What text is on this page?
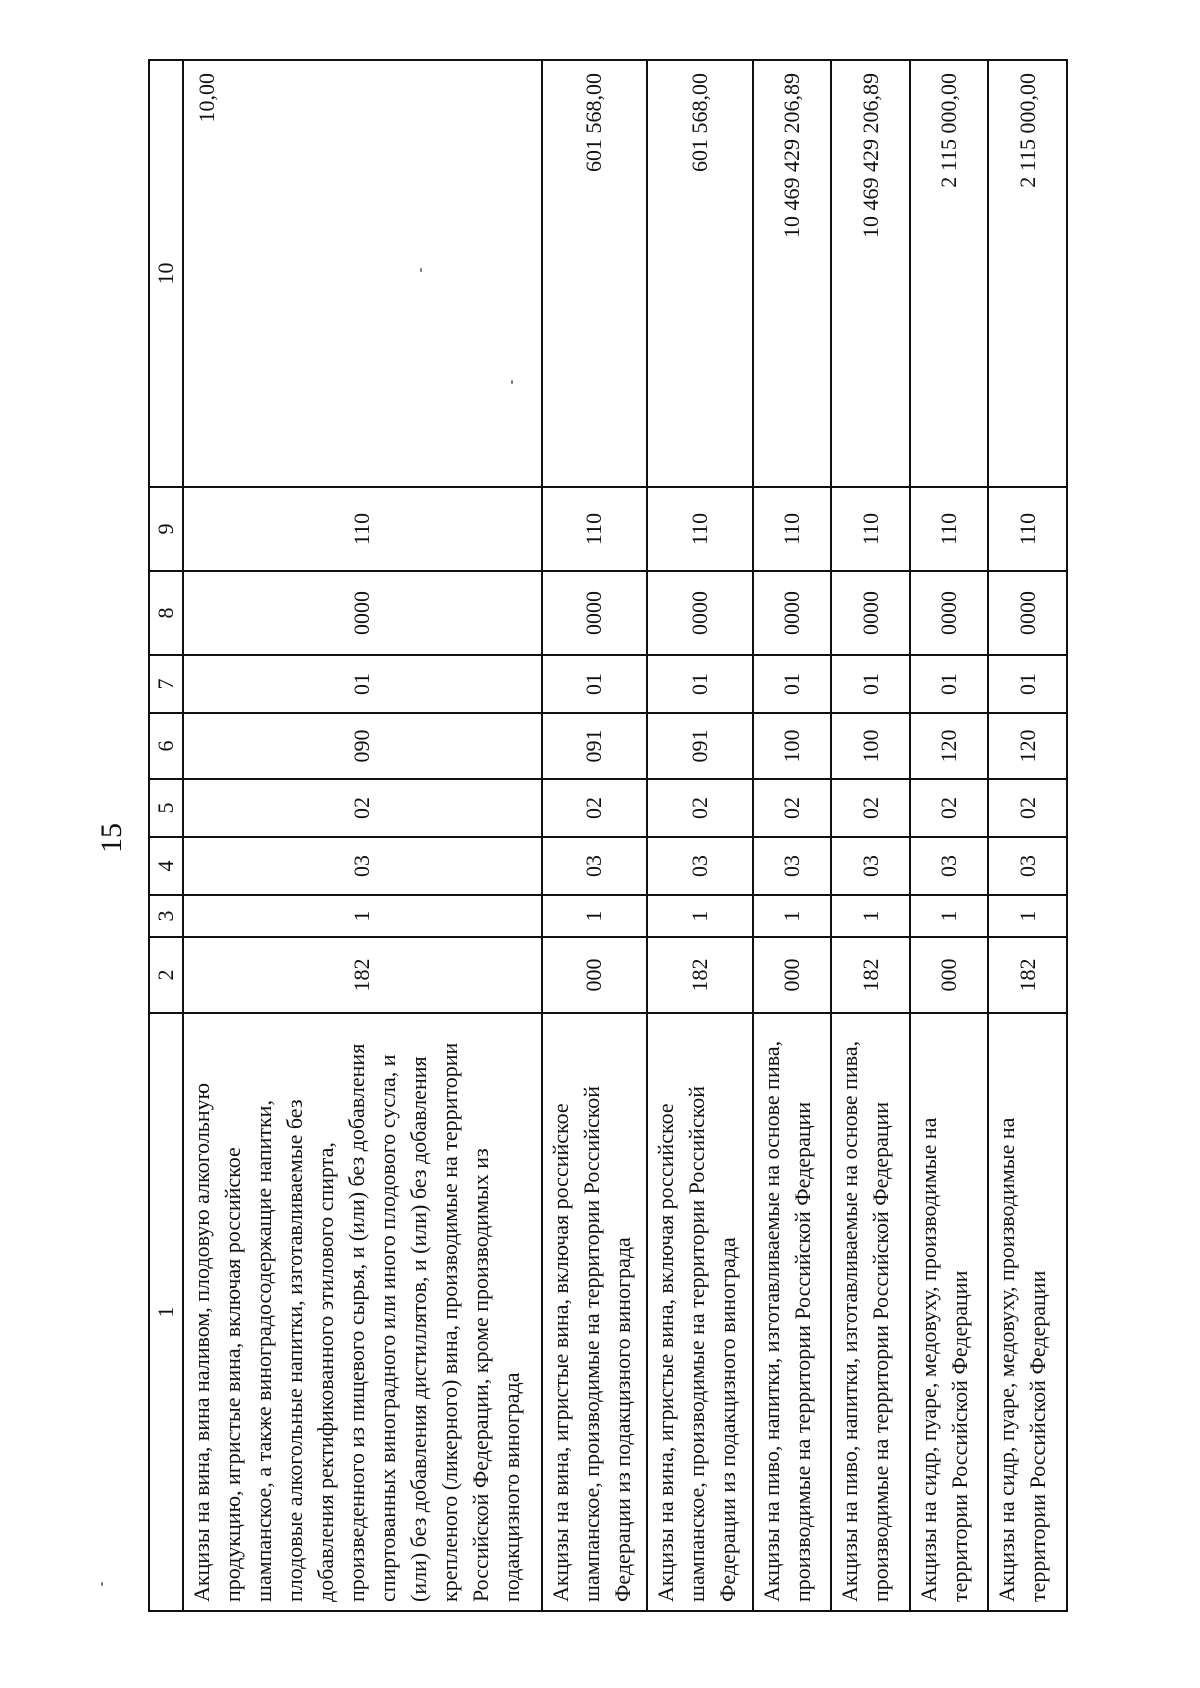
15
1	2	3	4	5	6	7	8	9	10
Акцизы на вина, вина наливом, плодовую алкогольную продукцию, игристые вина, включая российское шампанское, а также виноградосодержащие напитки, плодовые алкогольные напитки, изготавливаемые без добавления ректификованного этилового спирта, произведенного из пищевого сырья, и (или) без добавления спиртованных виноградного или иного плодового сусла, и (или) без добавления дистиллятов, и (или) без добавления крепленого (ликерного) вина, производимые на территории Российской Федерации, кроме производимых из подакцизного винограда	182	1	03	02	090	01	0000	110	10,00
Акцизы на вина, игристые вина, включая российское шампанское, производимые на территории Российской Федерации из подакцизного винограда	000	1	03	02	091	01	0000	110	601 568,00
Акцизы на вина, игристые вина, включая российское шампанское, производимые на территории Российской Федерации из подакцизного винограда	182	1	03	02	091	01	0000	110	601 568,00
Акцизы на пиво, напитки, изготавливаемые на основе пива, производимые на территории Российской Федерации	000	1	03	02	100	01	0000	110	10 469 429 206,89
Акцизы на пиво, напитки, изготавливаемые на основе пива, производимые на территории Российской Федерации	182	1	03	02	100	01	0000	110	10 469 429 206,89
Акцизы на сидр, пуаре, медовуху, производимые на территории Российской Федерации	000	1	03	02	120	01	0000	110	2 115 000,00
Акцизы на сидр, пуаре, медовуху, производимые на территории Российской Федерации	182	1	03	02	120	01	0000	110	2 115 000,00
